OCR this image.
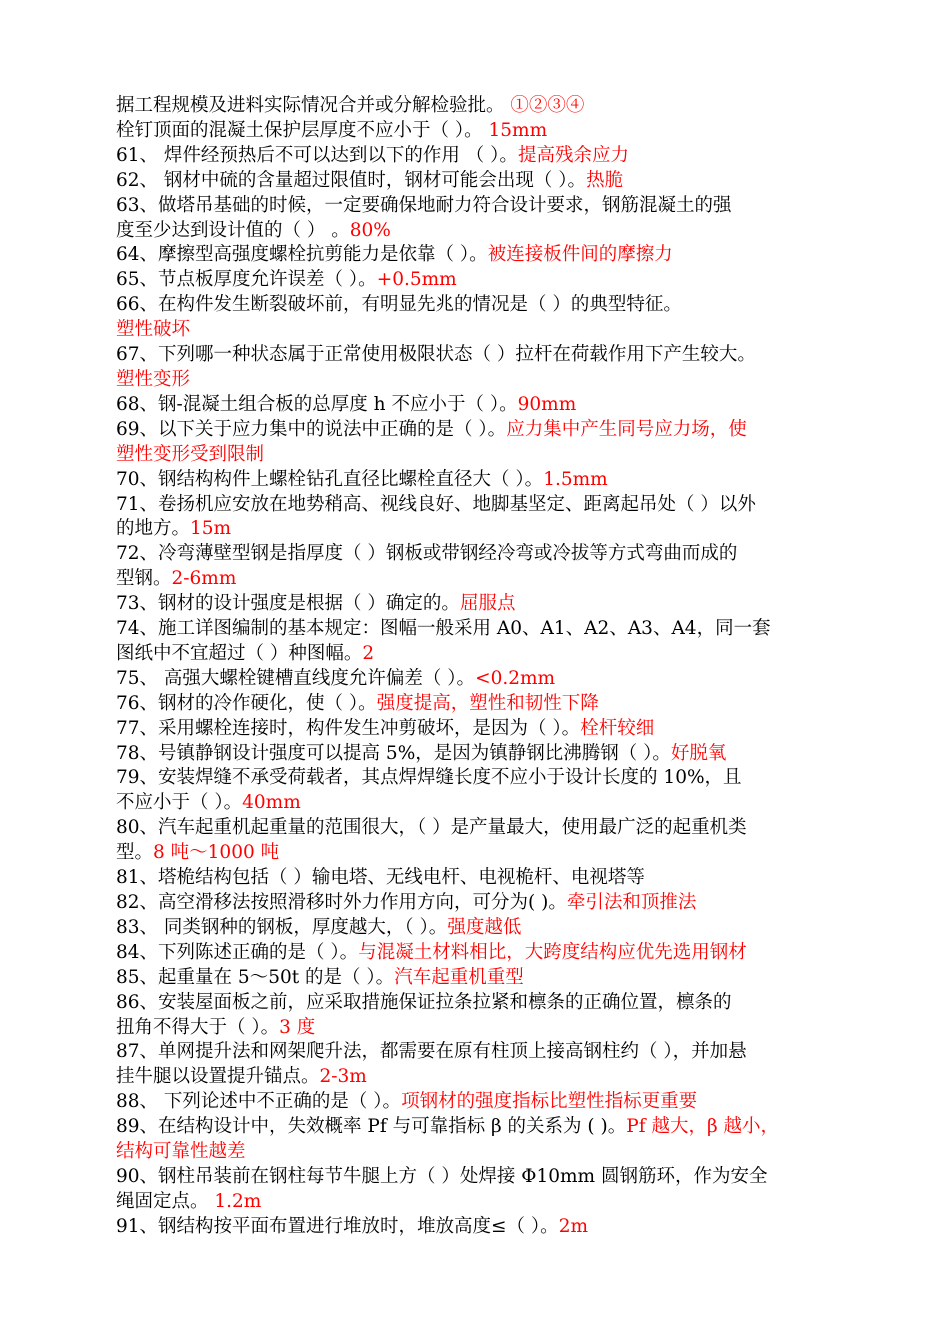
据工程规模及进料实际情况合并或分解检验批。 ①②③④

栓钉顶面的混凝土保护层厚度不应小于（ ）。 15mm

61、 焊件经预热后不可以达到以下的作用 （ ）。提高残余应力

62、 钢材中硫的含量超过限值时，钢材可能会出现（ ）。热脆

63、做塔吊基础的时候，一定要确保地耐力符合设计要求，钢筋混凝土的强

度至少达到设计值的（ ） 。80%

64、摩擦型高强度螺栓抗剪能力是依靠（ ）。被连接板件间的摩擦力

65、节点板厚度允许误差（ ）。+0.5mm

66、在构件发生断裂破坏前，有明显先兆的情况是（ ）的典型特征。

塑性破坏

67、下列哪一种状态属于正常使用极限状态（ ）拉杆在荷载作用下产生较大。

塑性变形

68、钢-混凝土组合板的总厚度 h 不应小于（ ）。90mm

69、以下关于应力集中的说法中正确的是（ ）。应力集中产生同号应力场，使

塑性变形受到限制

70、钢结构构件上螺栓钻孔直径比螺栓直径大（ ）。1.5mm

71、卷扬机应安放在地势稍高、视线良好、地脚基坚定、距离起吊处（ ）以外

的地方。15m

72、冷弯薄壁型钢是指厚度（ ）钢板或带钢经冷弯或冷拔等方式弯曲而成的

型钢。2-6mm

73、钢材的设计强度是根据（ ）确定的。屈服点

74、施工详图编制的基本规定：图幅一般采用 A0、A1、A2、A3、A4，同一套

图纸中不宜超过（ ）种图幅。2

75、 高强大螺栓键槽直线度允许偏差（ ）。<0.2mm

76、钢材的冷作硬化，使（ ）。强度提高，塑性和韧性下降

77、采用螺栓连接时，构件发生冲剪破坏，是因为（ ）。栓杆较细

78、号镇静钢设计强度可以提高 5%，是因为镇静钢比沸腾钢（ ）。好脱氧

79、安装焊缝不承受荷载者，其点焊焊缝长度不应小于设计长度的 10%，且

不应小于（ ）。40mm

80、汽车起重机起重量的范围很大，（ ）是产量最大，使用最广泛的起重机类

型。8 吨～1000 吨

81、塔桅结构包括（ ）输电塔、无线电杆、电视桅杆、电视塔等

82、高空滑移法按照滑移时外力作用方向，可分为( )。牵引法和顶推法

83、 同类钢种的钢板，厚度越大，（ ）。强度越低

84、下列陈述正确的是（ ）。与混凝土材料相比，大跨度结构应优先选用钢材

85、起重量在 5～50t 的是（ ）。汽车起重机重型

86、安装屋面板之前，应采取措施保证拉条拉紧和檩条的正确位置，檩条的

扭角不得大于（ ）。3 度

87、单网提升法和网架爬升法，都需要在原有柱顶上接高钢柱约（ ），并加悬

挂牛腿以设置提升锚点。2-3m

88、 下列论述中不正确的是（ ）。项钢材的强度指标比塑性指标更重要

89、在结构设计中，失效概率 Pf 与可靠指标 β 的关系为 ( )。Pf 越大，β 越小，

结构可靠性越差

90、钢柱吊装前在钢柱每节牛腿上方（ ）处焊接 Φ10mm 圆钢筋环，作为安全

绳固定点。 1.2m

91、钢结构按平面布置进行堆放时，堆放高度≤（ ）。2m
